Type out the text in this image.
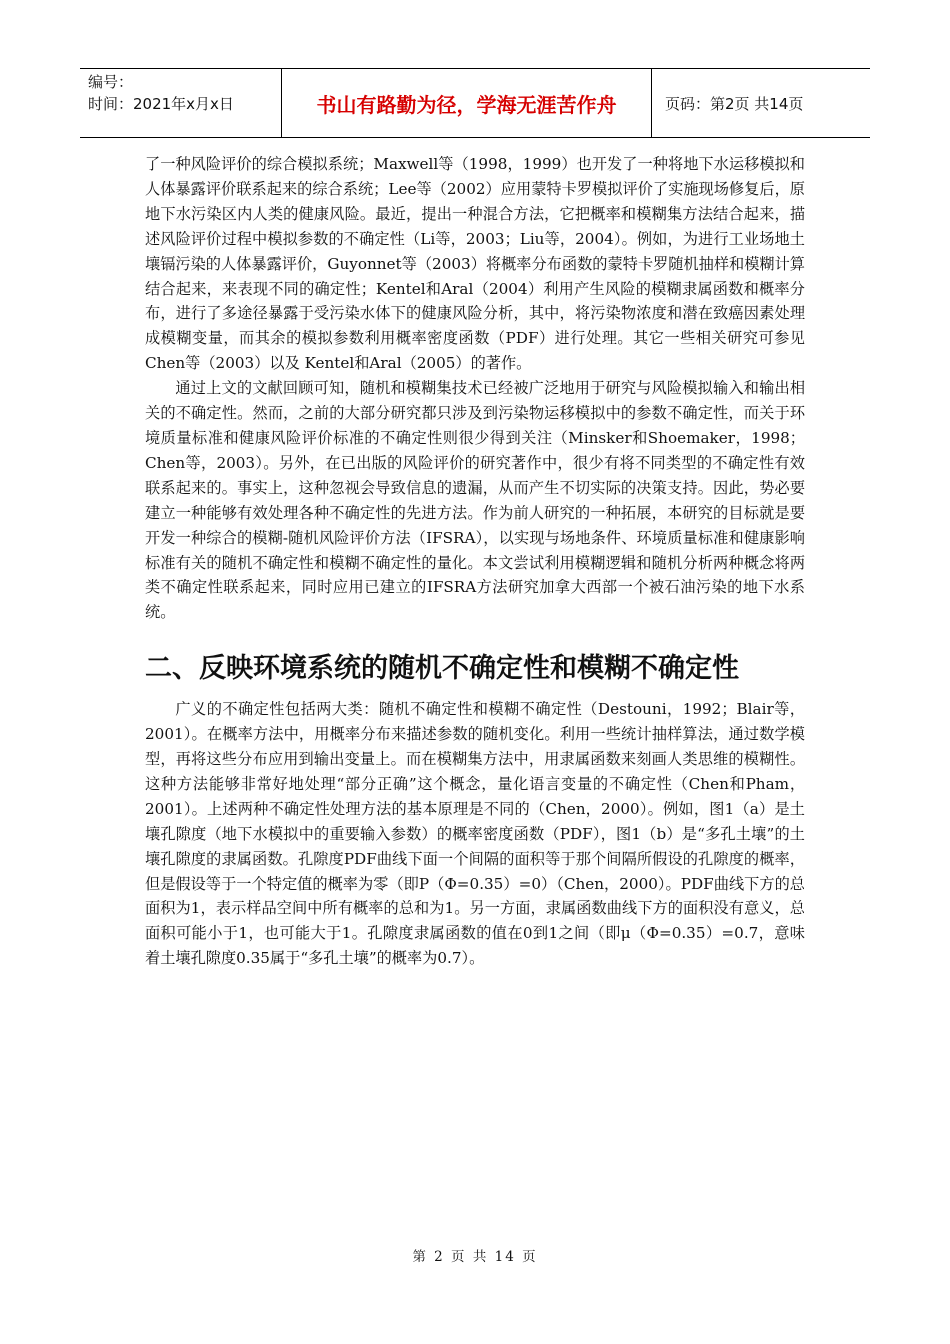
编号：
时间：2021年x月x日	书山有路勤为径，学海无涯苦作舟	页码：第2页 共14页

了一种风险评价的综合模拟系统；Maxwell等（1998，1999）也开发了一种将地下水运移模拟和人体暴露评价联系起来的综合系统；Lee等（2002）应用蒙特卡罗模拟评价了实施现场修复后，原地下水污染区内人类的健康风险。最近，提出一种混合方法，它把概率和模糊集方法结合起来，描述风险评价过程中模拟参数的不确定性（Li等，2003；Liu等，2004）。例如，为进行工业场地土壤镉污染的人体暴露评价，Guyonnet等（2003）将概率分布函数的蒙特卡罗随机抽样和模糊计算结合起来，来表现不同的确定性；Kentel和Aral（2004）利用产生风险的模糊隶属函数和概率分布，进行了多途径暴露于受污染水体下的健康风险分析，其中，将污染物浓度和潜在致癌因素处理成模糊变量，而其余的模拟参数利用概率密度函数（PDF）进行处理。其它一些相关研究可参见Chen等（2003）以及 Kentel和Aral（2005）的著作。

通过上文的文献回顾可知，随机和模糊集技术已经被广泛地用于研究与风险模拟输入和输出相关的不确定性。然而，之前的大部分研究都只涉及到污染物运移模拟中的参数不确定性，而关于环境质量标准和健康风险评价标准的不确定性则很少得到关注（Minsker和Shoemaker，1998；Chen等，2003）。另外，在已出版的风险评价的研究著作中，很少有将不同类型的不确定性有效联系起来的。事实上，这种忽视会导致信息的遗漏，从而产生不切实际的决策支持。因此，势必要建立一种能够有效处理各种不确定性的先进方法。作为前人研究的一种拓展，本研究的目标就是要开发一种综合的模糊-随机风险评价方法（IFSRA），以实现与场地条件、环境质量标准和健康影响标准有关的随机不确定性和模糊不确定性的量化。本文尝试利用模糊逻辑和随机分析两种概念将两类不确定性联系起来，同时应用已建立的IFSRA方法研究加拿大西部一个被石油污染的地下水系统。

二、反映环境系统的随机不确定性和模糊不确定性

广义的不确定性包括两大类：随机不确定性和模糊不确定性（Destouni，1992；Blair等，2001）。在概率方法中，用概率分布来描述参数的随机变化。利用一些统计抽样算法，通过数学模型，再将这些分布应用到输出变量上。而在模糊集方法中，用隶属函数来刻画人类思维的模糊性。这种方法能够非常好地处理“部分正确”这个概念，量化语言变量的不确定性（Chen和Pham，2001）。上述两种不确定性处理方法的基本原理是不同的（Chen，2000）。例如，图1（a）是土壤孔隙度（地下水模拟中的重要输入参数）的概率密度函数（PDF），图1（b）是“多孔土壤”的土壤孔隙度的隶属函数。孔隙度PDF曲线下面一个间隔的面积等于那个间隔所假设的孔隙度的概率，但是假设等于一个特定值的概率为零（即P（Φ=0.35）=0）（Chen，2000）。PDF曲线下方的总面积为1，表示样品空间中所有概率的总和为1。另一方面，隶属函数曲线下方的面积没有意义，总面积可能小于1，也可能大于1。孔隙度隶属函数的值在0到1之间（即μ（Φ=0.35）=0.7，意味着土壤孔隙度0.35属于“多孔土壤”的概率为0.7）。

第 2 页 共 14 页
